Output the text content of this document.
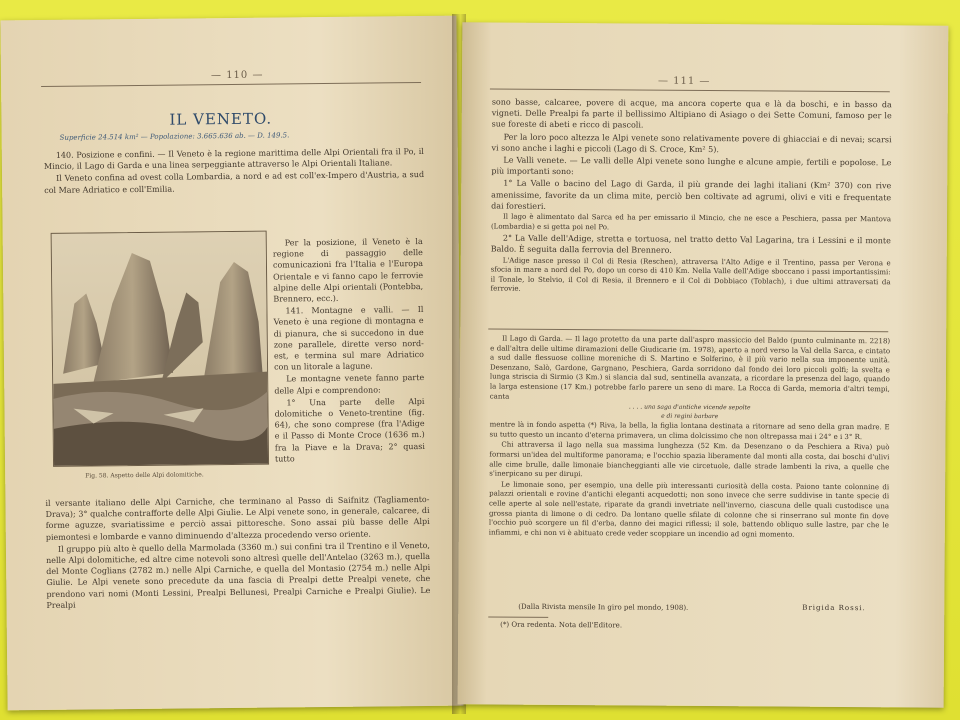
— 110 —
IL VENETO.
Superficie 24.514 km² — Popolazione: 3.665.636 ab. — D. 149.5.

140. Posizione e confini. — Il Veneto è la regione marittima delle Alpi Orientali fra il Po, il Mincio, il Lago di Garda e una linea serpeggiante attraverso le Alpi Orientali Italiane.

Il Veneto confina ad ovest colla Lombardia, a nord e ad est coll'ex-Impero d'Austria, a sud col Mare Adriatico e coll'Emilia.

Fig. 58. Aspetto delle Alpi dolomitiche.

Per la posizione, il Veneto è la regione di passaggio delle comunicazioni fra l'Italia e l'Europa Orientale e vi fanno capo le ferrovie alpine delle Alpi orientali (Pontebba, Brennero, ecc.).

141. Montagne e valli. — Il Veneto è una regione di montagna e di pianura, che si succedono in due zone parallele, dirette verso nord-est, e termina sul mare Adriatico con un litorale a lagune.

Le montagne venete fanno parte delle Alpi e comprendono:

1° Una parte delle Alpi dolomitiche o Veneto-trentine (fig. 64), che sono comprese (fra l'Adige e il Passo di Monte Croce (1636 m.) fra la Piave e la Drava; 2° quasi tutto

il versante italiano delle Alpi Carniche, che terminano al Passo di Saifnitz (Tagliamento-Drava); 3° qualche contrafforte delle Alpi Giulie. Le Alpi venete sono, in generale, calcaree, di forme aguzze, svariatissime e perciò assai pittoresche. Sono assai più basse delle Alpi piemontesi e lombarde e vanno diminuendo d'altezza procedendo verso oriente.

Il gruppo più alto è quello della Marmolada (3360 m.) sui confini tra il Trentino e il Veneto, nelle Alpi dolomitiche, ed altre cime notevoli sono altresì quelle dell'Antelao (3263 m.), quella del Monte Coglians (2782 m.) nelle Alpi Carniche, e quella del Montasio (2754 m.) nelle Alpi Giulie. Le Alpi venete sono precedute da una fascia di Prealpi dette Prealpi venete, che prendono vari nomi (Monti Lessini, Prealpi Bellunesi, Prealpi Carniche e Prealpi Giulie). Le Prealpi

— 111 —

sono basse, calcaree, povere di acque, ma ancora coperte qua e là da boschi, e in basso da vigneti. Delle Prealpi fa parte il bellissimo Altipiano di Asiago o dei Sette Comuni, famoso per le sue foreste di abeti e ricco di pascoli.

Per la loro poco altezza le Alpi venete sono relativamente povere di ghiacciai e di nevai; scarsi vi sono anche i laghi e piccoli (Lago di S. Croce, Km² 5).

Le Valli venete. — Le valli delle Alpi venete sono lunghe e alcune ampie, fertili e popolose. Le più importanti sono:

1° La Valle o bacino del Lago di Garda, il più grande dei laghi italiani (Km² 370) con rive amenissime, favorite da un clima mite, perciò ben coltivate ad agrumi, olivi e viti e frequentate dai forestieri.

Il lago è alimentato dal Sarca ed ha per emissario il Mincio, che ne esce a Peschiera, passa per Mantova (Lombardia) e si getta poi nel Po.

2° La Valle dell'Adige, stretta e tortuosa, nel tratto detto Val Lagarina, tra i Lessini e il monte Baldo. È seguita dalla ferrovia del Brennero.

L'Adige nasce presso il Col di Resia (Reschen), attraversa l'Alto Adige e il Trentino, passa per Verona e sfocia in mare a nord del Po, dopo un corso di 410 Km. Nella Valle dell'Adige sboccano i passi importantissimi: il Tonale, lo Stelvio, il Col di Resia, il Brennero e il Col di Dobbiaco (Toblach), i due ultimi attraversati da ferrovie.

Il Lago di Garda. — Il lago protetto da una parte dall'aspro massiccio del Baldo (punto culminante m. 2218) e dall'altra delle ultime diramazioni delle Giudicarie (m. 1978), aperto a nord verso la Val della Sarca, e cintato a sud dalle flessuose colline moreniche di S. Martino e Solferino, è il più vario nella sua imponente unità. Desenzano, Salò, Gardone, Gargnano, Peschiera, Garda sorridono dal fondo dei loro piccoli golfi; la svelta e lunga striscia di Sirmio (3 Km.) si slancia dal sud, sentinella avanzata, a ricordare la presenza del lago, quando la larga estensione (17 Km.) potrebbe farlo parere un seno di mare. La Rocca di Garda, memoria d'altri tempi, canta

. . . . una saga d'antiche vicende sepolte

e di regini barbare

mentre là in fondo aspetta (*) Riva, la bella, la figlia lontana destinata a ritornare ad seno della gran madre. E su tutto questo un incanto d'eterna primavera, un clima dolcissimo che non oltrepassa mai i 24° e i 3° R.

Chi attraversa il lago nella sua massima lunghezza (52 Km. da Desenzano o da Peschiera a Riva) può formarsi un'idea del multiforme panorama; e l'occhio spazia liberamente dal monti alla costa, dai boschi d'ulivi alle cime brulle, dalle limonaie biancheggianti alle vie circetuole, dalle strade lambenti la riva, a quelle che s'inerpicano su per dirupi.

Le limonaie sono, per esempio, una delle più interessanti curiosità della costa. Paiono tante colonnine di palazzi orientali e rovine d'antichi eleganti acquedotti; non sono invece che serre suddivise in tante specie di celle aperte al sole nell'estate, riparate da grandi invetriate nell'inverno, ciascuna delle quali custodisce una grossa pianta di limone o di cedro. Da lontano quelle sfilate di colonne che si rinserrano sul monte fin dove l'occhio può scorgere un fil d'erba, danno dei magici riflessi; il sole, battendo obliquo sulle lastre, par che le infiammi, e chi non vi è abituato crede veder scoppiare un incendio ad ogni momento.

(Dalla Rivista mensile In giro pel mondo, 1908).	Brigida Rossi.
(*) Ora redenta. Nota dell'Editore.
